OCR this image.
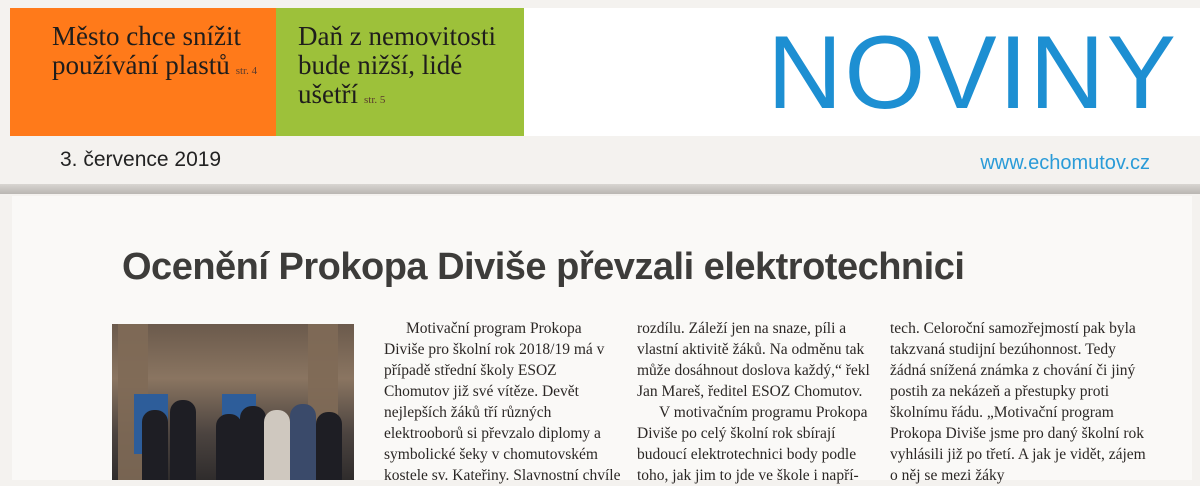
Město chce snížit používání plastů str. 4
Daň z nemovitosti bude nižší, lidé ušetří str. 5	NOVINY
3. července 2019	www.echomutov.cz
Ocenění Prokopa Diviše převzali elektrotechnici

Motivační program Prokopa Diviše pro školní rok 2018/19 má v případě střední školy ESOZ Chomutov již své vítěze. Devět nejlepších žáků tří různých elektrooborů si převzalo diplomy a symbolické šeky v chomutovském kostele sv. Kateřiny. Slavnostní chvíle

rozdílu. Záleží jen na snaze, píli a vlastní aktivitě žáků. Na odměnu tak může dosáhnout doslova každý,“ řekl Jan Mareš, ředitel ESOZ Chomutov.

V motivačním programu Prokopa Diviše po celý školní rok sbírají budoucí elektrotechnici body podle toho, jak jim to jde ve škole i napří-

tech. Celoroční samozřejmostí pak byla takzvaná studijní bezúhonnost. Tedy žádná snížená známka z chování či jiný postih za nekázeň a přestupky proti školnímu řádu. „Motivační program Prokopa Diviše jsme pro daný školní rok vyhlásili již po třetí. A jak je vidět, zájem o něj se mezi žáky
